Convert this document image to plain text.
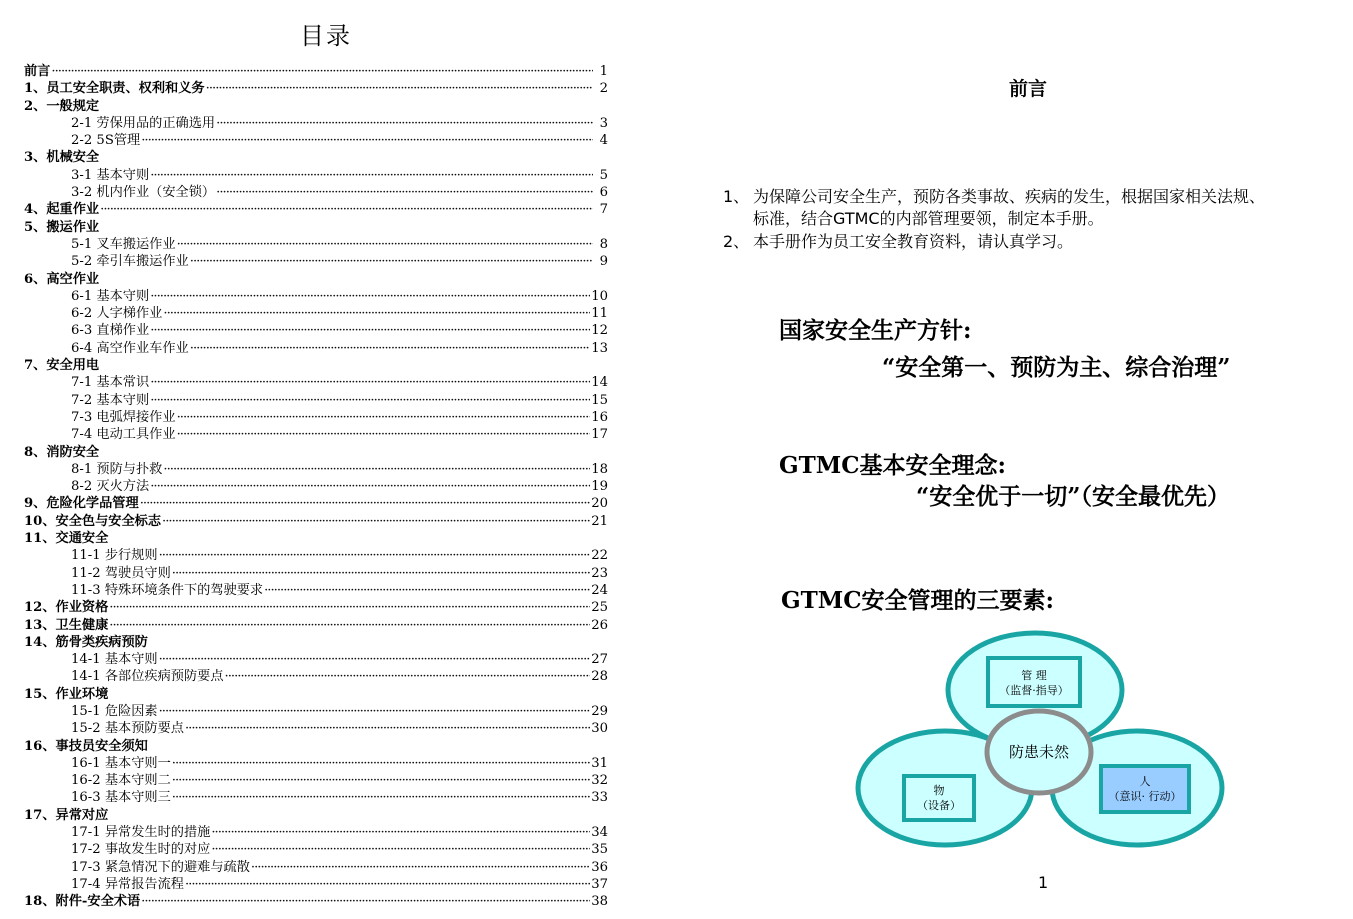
目录
前言 ·····	1
1、员工安全职责、权利和义务 ·····	2
2、一般规定
2-1 劳保用品的正确选用 ·····	3
2-2 5S管理 ·····	4
3、机械安全
3-1 基本守则 ·····	5
3-2 机内作业（安全锁） ·····	6
4、起重作业 ·····	7
5、搬运作业
5-1 叉车搬运作业 ·····	8
5-2 牵引车搬运作业 ·····	9
6、高空作业
6-1 基本守则 ·····	10
6-2 人字梯作业 ·····	11
6-3 直梯作业 ·····	12
6-4 高空作业车作业 ·····	13
7、安全用电
7-1 基本常识 ·····	14
7-2 基本守则 ·····	15
7-3 电弧焊接作业 ·····	16
7-4 电动工具作业 ·····	17
8、消防安全
8-1 预防与扑救 ·····	18
8-2 灭火方法 ·····	19
9、危险化学品管理 ·····	20
10、安全色与安全标志 ·····	21
11、交通安全
11-1 步行规则 ·····	22
11-2 驾驶员守则 ·····	23
11-3 特殊环境条件下的驾驶要求 ·····	24
12、作业资格 ·····	25
13、卫生健康 ·····	26
14、筋骨类疾病预防
14-1 基本守则 ·····	27
14-1 各部位疾病预防要点 ·····	28
15、作业环境
15-1 危险因素 ·····	29
15-2 基本预防要点 ·····	30
16、事技员安全须知
16-1 基本守则一 ·····	31
16-2 基本守则二 ·····	32
16-3 基本守则三 ·····	33
17、异常对应
17-1 异常发生时的措施 ·····	34
17-2 事故发生时的对应 ·····	35
17-3 紧急情况下的避难与疏散 ·····	36
17-4 异常报告流程 ·····	37
18、附件-安全术语 ·····	38
前言
1、 为保障公司安全生产，预防各类事故、疾病的发生，根据国家相关法规、
标准，结合GTMC的内部管理要领，制定本手册。
2、 本手册作为员工安全教育资料，请认真学习。
国家安全生产方针:
“安全第一、预防为主、综合治理”
GTMC基本安全理念:
“安全优于一切”（安全最优先）
GTMC安全管理的三要素:
管 理
（监督·指导）
物
（设备）
人
（意识· 行动）
防患未然
1
